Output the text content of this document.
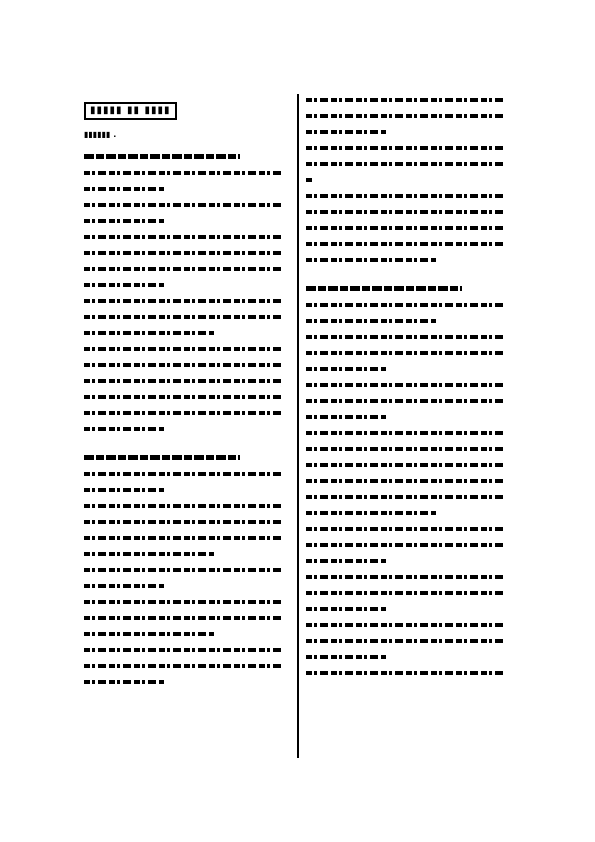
▮▮▮▮▮ ▮▮ ▮▮▮▮
▮▮▮▮▮▮ .
